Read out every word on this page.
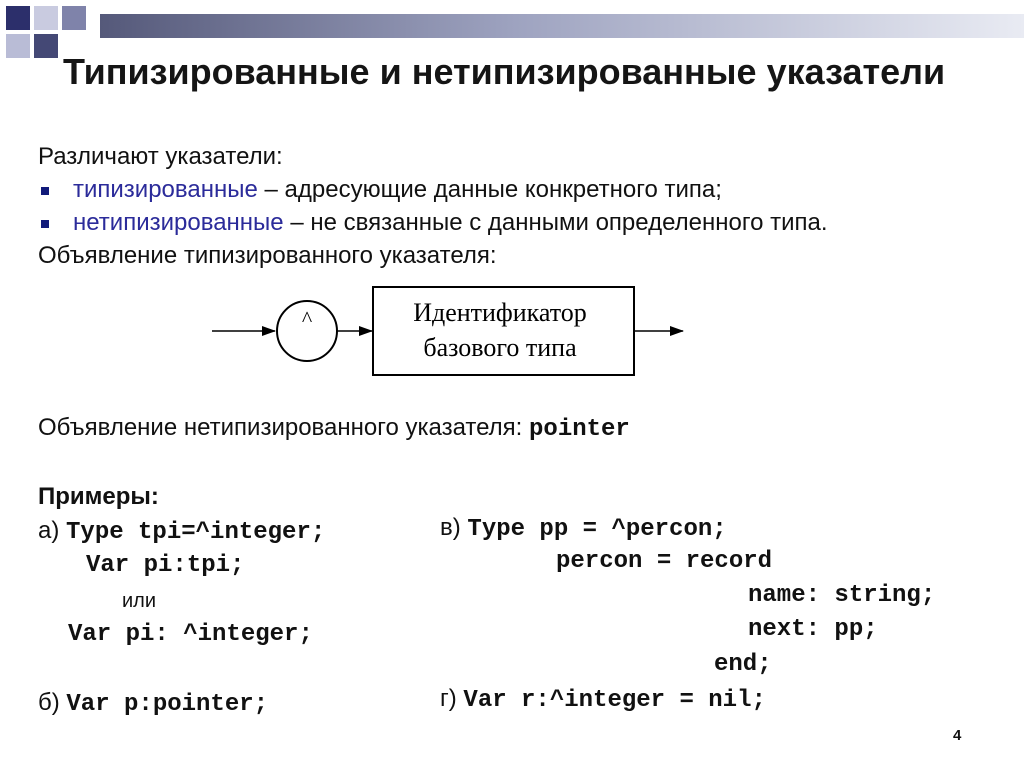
Типизированные и нетипизированные указатели
Различают указатели:
типизированные – адресующие данные конкретного типа;
нетипизированные – не связанные с данными определенного типа.
Объявление типизированного указателя:
^	Идентификатор
базового типа
Объявление нетипизированного указателя: pointer
Примеры:
а) Type tpi=^integer;
Var pi:tpi;
или
Var pi: ^integer;
б) Var p:pointer;
в) Type pp = ^percon;
percon = record
name: string;
next: pp;
end;
г) Var r:^integer = nil;
4
